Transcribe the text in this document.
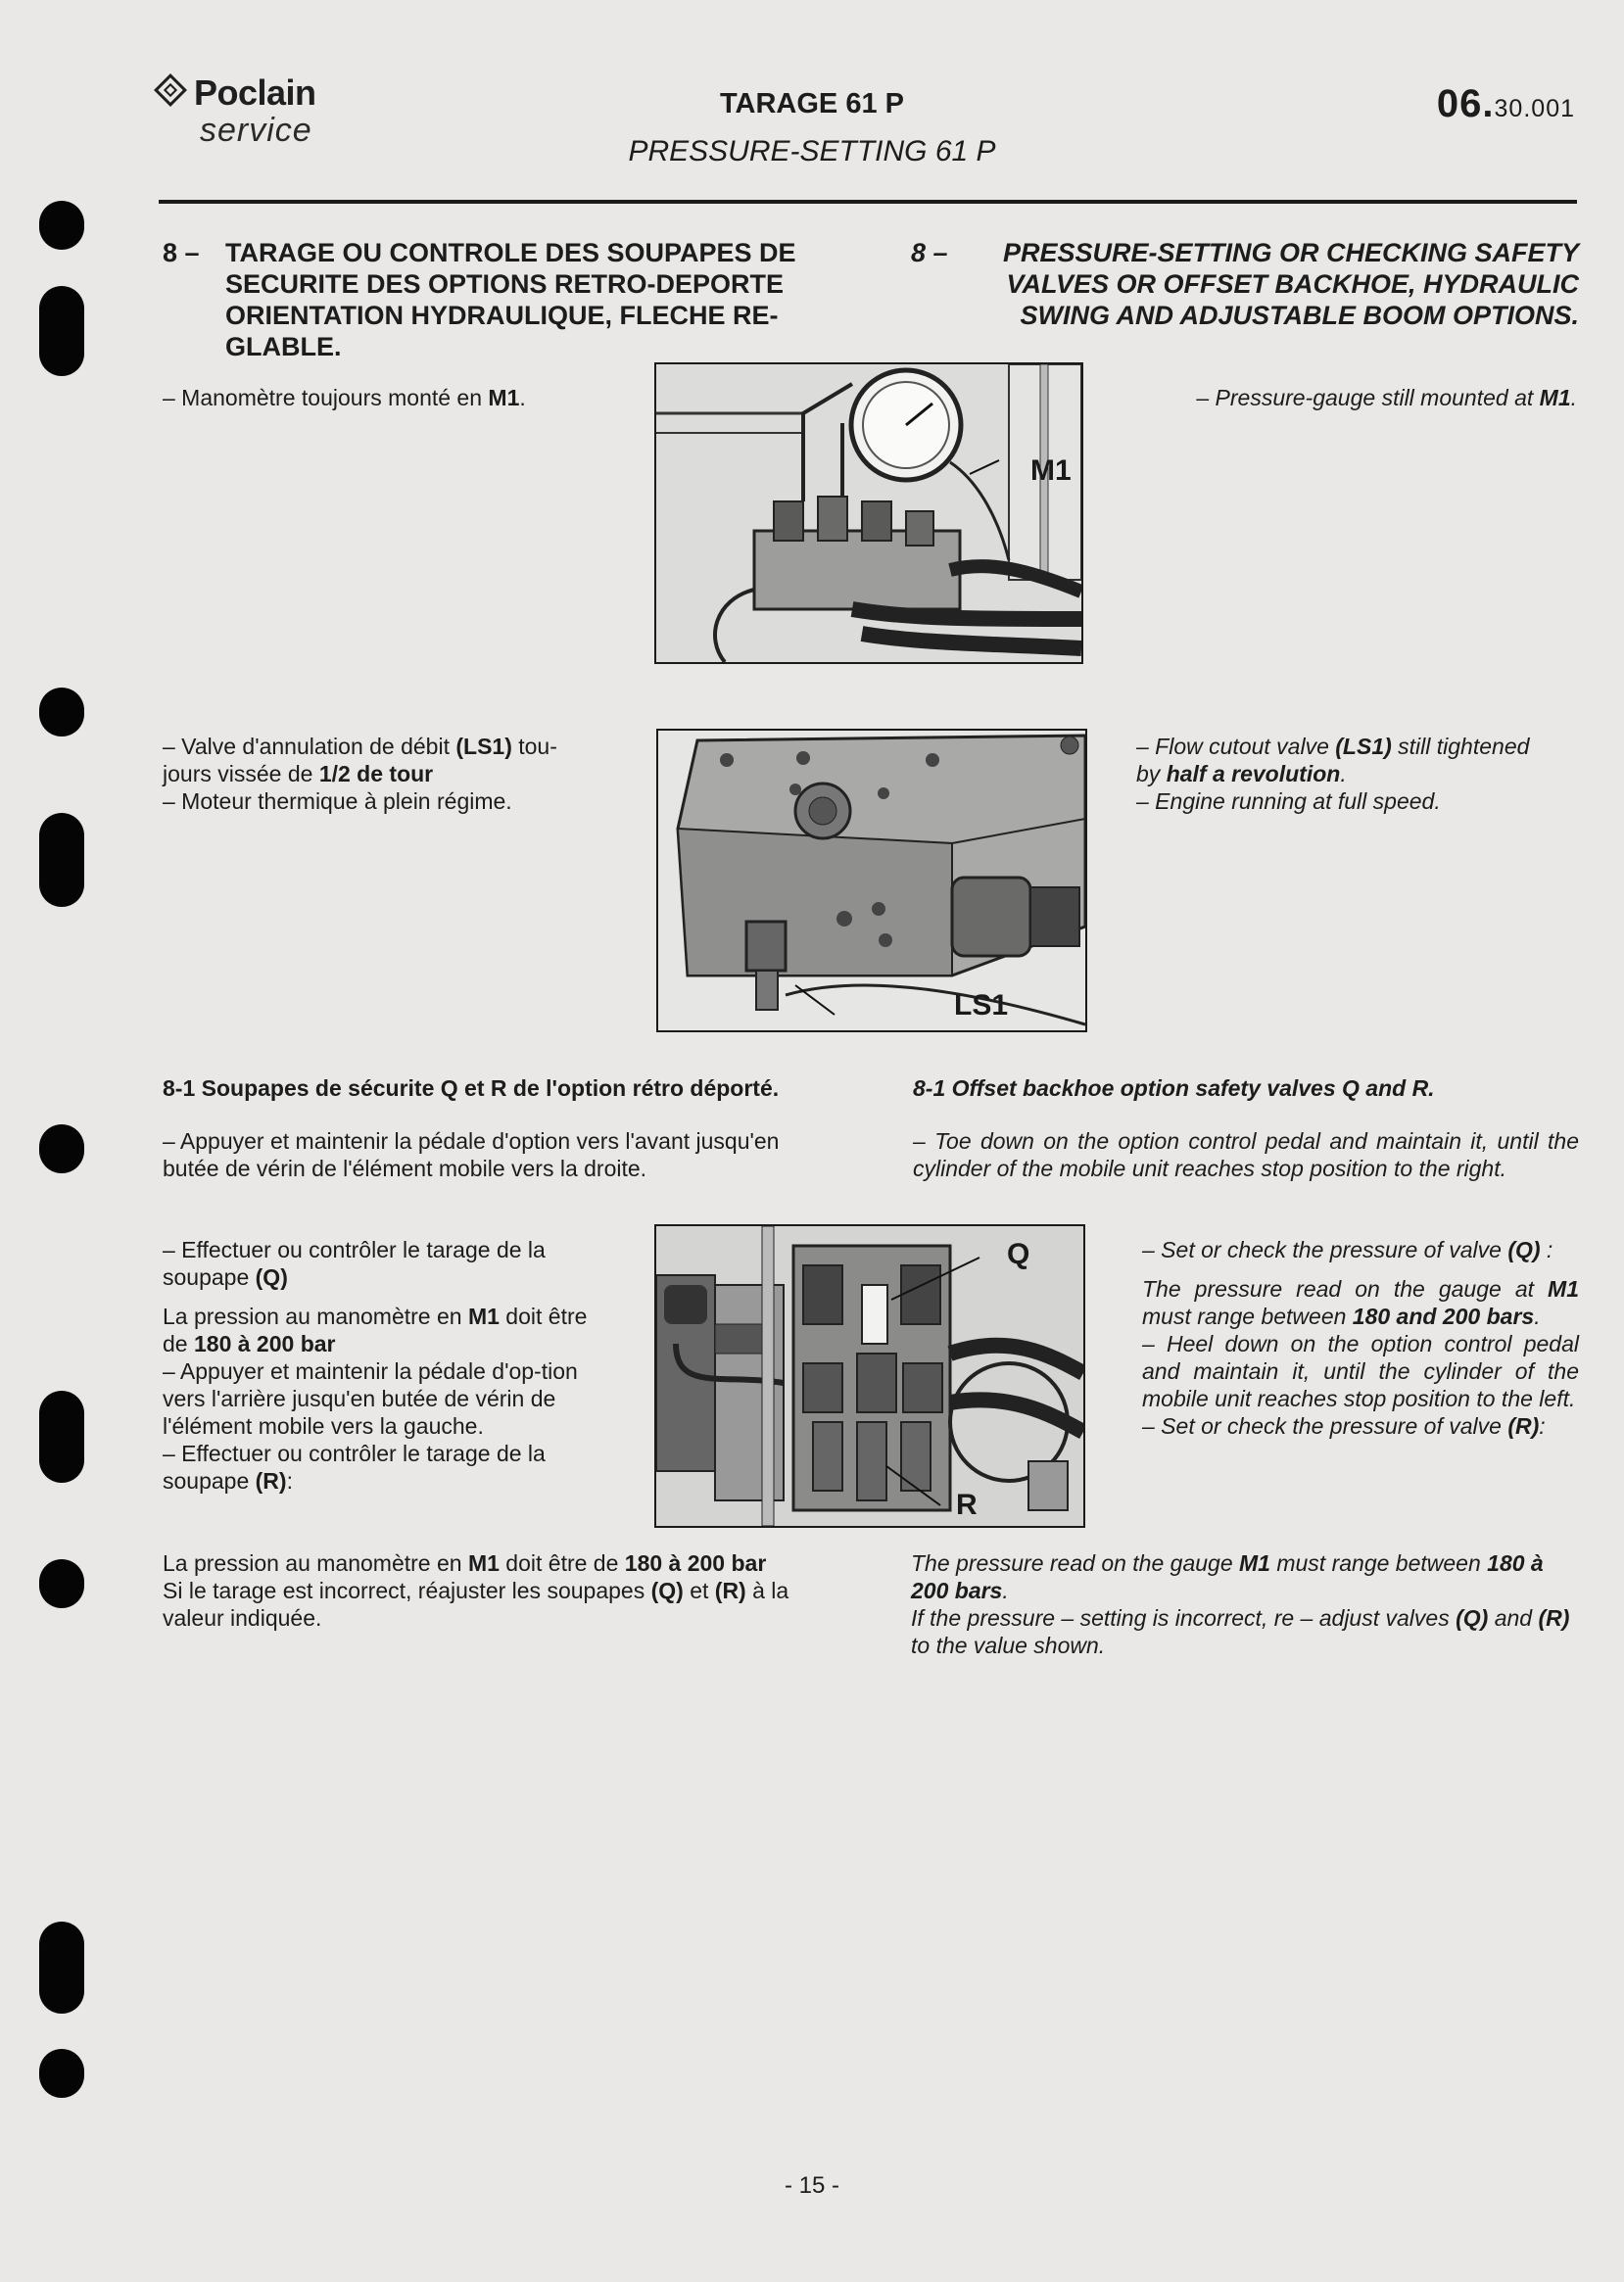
Poclain
service
TARAGE 61 P
PRESSURE-SETTING 61 P
06.30.001
8 – TARAGE OU CONTROLE DES SOUPAPES DE SECURITE DES OPTIONS RETRO-DEPORTE ORIENTATION HYDRAULIQUE, FLECHE RE-GLABLE.
8 –	PRESSURE-SETTING OR CHECKING SAFETY VALVES OR OFFSET BACKHOE, HYDRAULIC SWING AND ADJUSTABLE BOOM OPTIONS.
– Manomètre toujours monté en M1.	– Pressure-gauge still mounted at M1.
M1
– Valve d'annulation de débit (LS1) tou-
jours vissée de 1/2 de tour
– Moteur thermique à plein régime.
– Flow cutout valve (LS1) still tightened
by half a revolution.
– Engine running at full speed.
LS1
8-1 Soupapes de sécurite Q et R de l'option rétro déporté.	8-1 Offset backhoe option safety valves Q and R.
– Appuyer et maintenir la pédale d'option vers l'avant jusqu'en butée de vérin de l'élément mobile vers la droite.
– Toe down on the option control pedal and maintain it, until the cylinder of the mobile unit reaches stop position to the right.
– Effectuer ou contrôler le tarage de la soupape (Q)
La pression au manomètre en M1 doit être de 180 à 200 bar
– Appuyer et maintenir la pédale d'op-tion vers l'arrière jusqu'en butée de vérin de l'élément mobile vers la gauche.
– Effectuer ou contrôler le tarage de la soupape (R):
– Set or check the pressure of valve (Q) :
The pressure read on the gauge at M1 must range between 180 and 200 bars.
– Heel down on the option control pedal and maintain it, until the cylinder of the mobile unit reaches stop position to the left.
– Set or check the pressure of valve (R):
Q
R
La pression au manomètre en M1 doit être de 180 à 200 bar
Si le tarage est incorrect, réajuster les soupapes (Q) et (R) à la valeur indiquée.
The pressure read on the gauge M1 must range between 180 à 200 bars.
If the pressure – setting is incorrect, re – adjust valves (Q) and (R) to the value shown.
- 15 -
